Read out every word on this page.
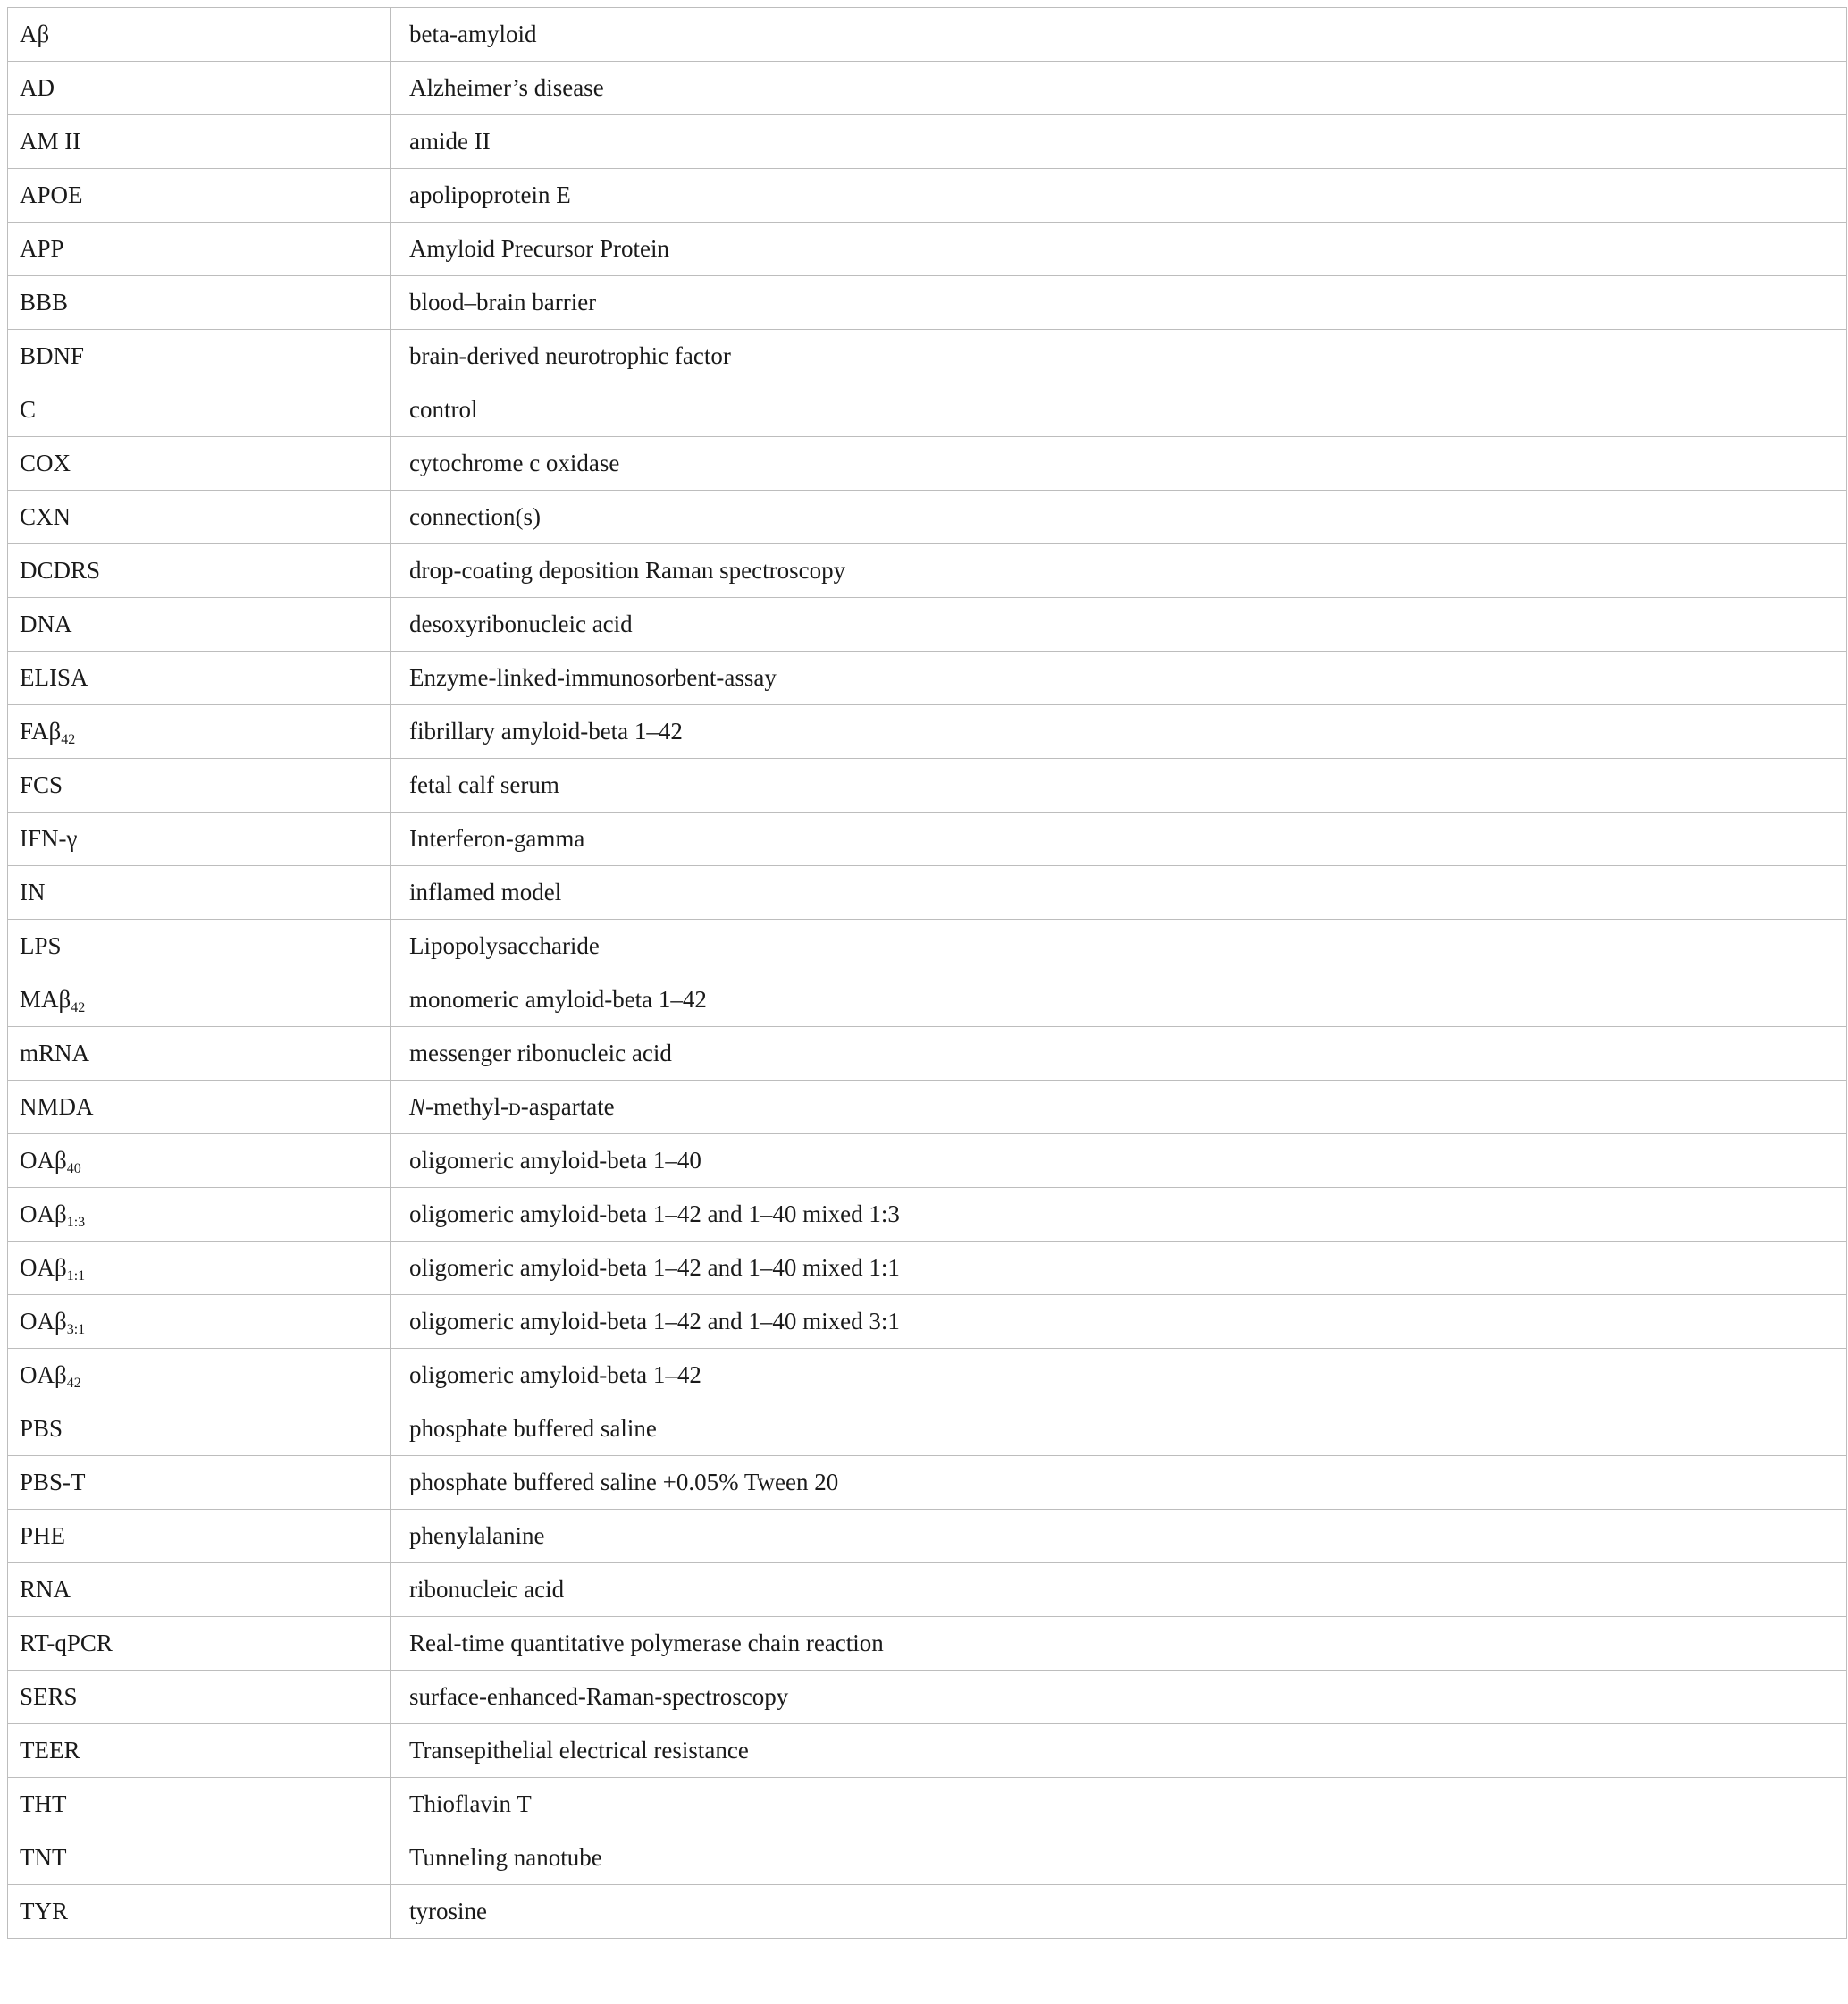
Aβ	beta-amyloid
AD	Alzheimer’s disease
AM II	amide II
APOE	apolipoprotein E
APP	Amyloid Precursor Protein
BBB	blood–brain barrier
BDNF	brain-derived neurotrophic factor
C	control
COX	cytochrome c oxidase
CXN	connection(s)
DCDRS	drop-coating deposition Raman spectroscopy
DNA	desoxyribonucleic acid
ELISA	Enzyme-linked-immunosorbent-assay
FAβ$_{42}$	fibrillary amyloid-beta 1–42
FCS	fetal calf serum
IFN-γ	Interferon-gamma
IN	inflamed model
LPS	Lipopolysaccharide
MAβ$_{42}$	monomeric amyloid-beta 1–42
mRNA	messenger ribonucleic acid
NMDA	N-methyl-d-aspartate
OAβ$_{40}$	oligomeric amyloid-beta 1–40
OAβ$_{1:3}$	oligomeric amyloid-beta 1–42 and 1–40 mixed 1:3
OAβ$_{1:1}$	oligomeric amyloid-beta 1–42 and 1–40 mixed 1:1
OAβ$_{3:1}$	oligomeric amyloid-beta 1–42 and 1–40 mixed 3:1
OAβ$_{42}$	oligomeric amyloid-beta 1–42
PBS	phosphate buffered saline
PBS-T	phosphate buffered saline +0.05% Tween 20
PHE	phenylalanine
RNA	ribonucleic acid
RT-qPCR	Real-time quantitative polymerase chain reaction
SERS	surface-enhanced-Raman-spectroscopy
TEER	Transepithelial electrical resistance
THT	Thioflavin T
TNT	Tunneling nanotube
TYR	tyrosine
